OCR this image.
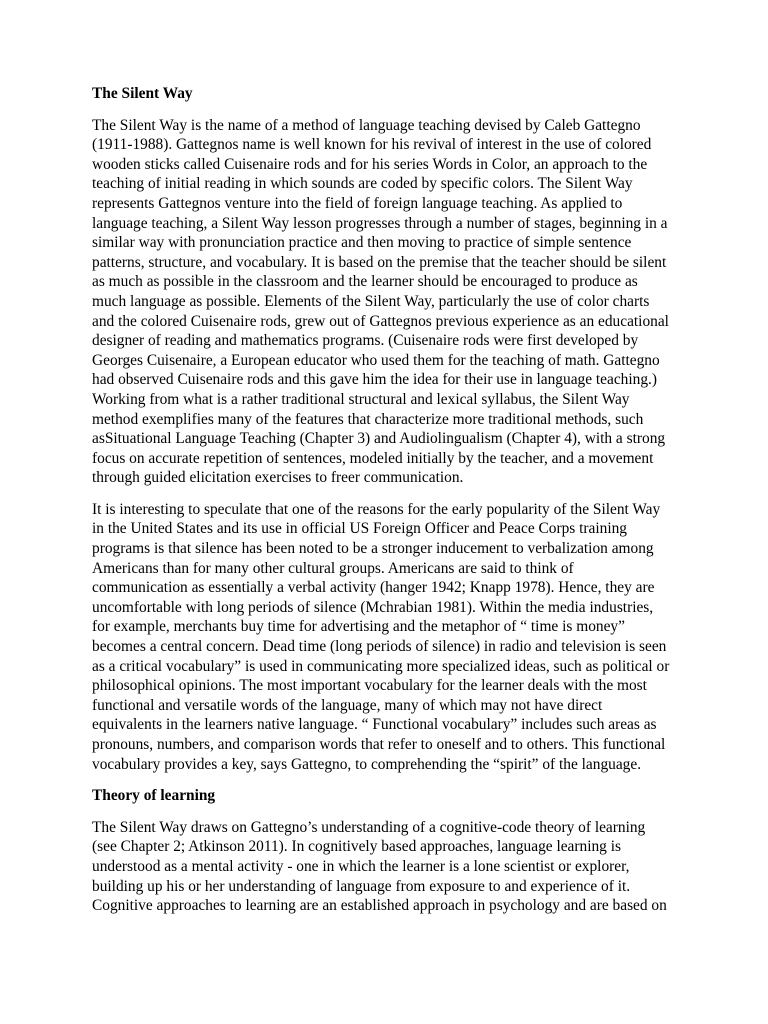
The Silent Way

The Silent Way is the name of a method of language teaching devised by Caleb Gattegno
(1911-1988). Gattegnos name is well known for his revival of interest in the use of colored
wooden sticks called Cuisenaire rods and for his series Words in Color, an approach to the
teaching of initial reading in which sounds are coded by specific colors. The Silent Way
represents Gattegnos venture into the field of foreign language teaching. As applied to
language teaching, a Silent Way lesson progresses through a number of stages, beginning in a
similar way with pronunciation practice and then moving to practice of simple sentence
patterns, structure, and vocabulary. It is based on the premise that the teacher should be silent
as much as possible in the classroom and the learner should be encouraged to produce as
much language as possible. Elements of the Silent Way, particularly the use of color charts
and the colored Cuisenaire rods, grew out of Gattegnos previous experience as an educational
designer of reading and mathematics programs. (Cuisenaire rods were first developed by
Georges Cuisenaire, a European educator who used them for the teaching of math. Gattegno
had observed Cuisenaire rods and this gave him the idea for their use in language teaching.)
Working from what is a rather traditional structural and lexical syllabus, the Silent Way
method exemplifies many of the features that characterize more traditional methods, such
asSituational Language Teaching (Chapter 3) and Audiolingualism (Chapter 4), with a strong
focus on accurate repetition of sentences, modeled initially by the teacher, and a movement
through guided elicitation exercises to freer communication.

It is interesting to speculate that one of the reasons for the early popularity of the Silent Way
in the United States and its use in official US Foreign Officer and Peace Corps training
programs is that silence has been noted to be a stronger inducement to verbalization among
Americans than for many other cultural groups. Americans are said to think of
communication as essentially a verbal activity (hanger 1942; Knapp 1978). Hence, they are
uncomfortable with long periods of silence (Mchrabian 1981). Within the media industries,
for example, merchants buy time for advertising and the metaphor of “ time is money”
becomes a central concern. Dead time (long periods of silence) in radio and television is seen
as a critical vocabulary” is used in communicating more specialized ideas, such as political or
philosophical opinions. The most important vocabulary for the learner deals with the most
functional and versatile words of the language, many of which may not have direct
equivalents in the learners native language. “ Functional vocabulary” includes such areas as
pronouns, numbers, and comparison words that refer to oneself and to others. This functional
vocabulary provides a key, says Gattegno, to comprehending the “spirit” of the language.

Theory of learning

The Silent Way draws on Gattegno’s understanding of a cognitive-code theory of learning
(see Chapter 2; Atkinson 2011). In cognitively based approaches, language learning is
understood as a mental activity - one in which the learner is a lone scientist or explorer,
building up his or her understanding of language from exposure to and experience of it.
Cognitive approaches to learning are an established approach in psychology and are based on
